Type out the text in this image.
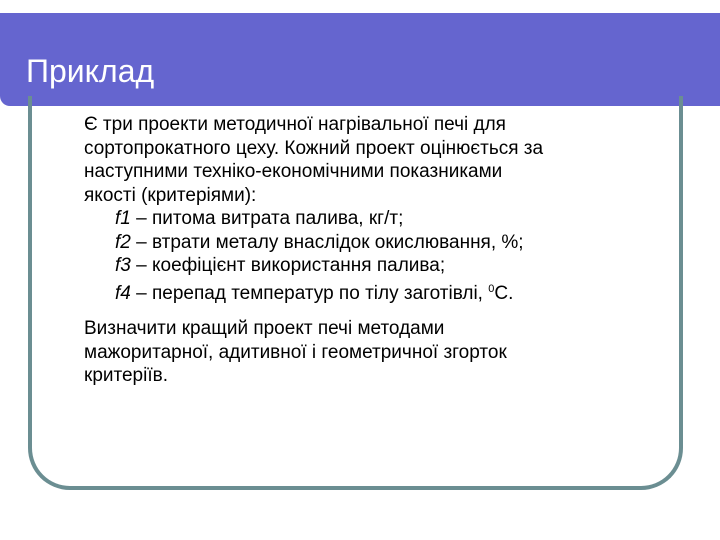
Приклад

Є три проекти методичної нагрівальної печі для
сортопрокатного цеху. Кожний проект оцінюється за
наступними техніко-економічними показниками
якості (критеріями):

f1 – питома витрата палива, кг/т;
f2 – втрати металу внаслідок окислювання, %;
f3 – коефіцієнт використання палива;
f4 – перепад температур по тілу заготівлі, $^0$С.

Визначити кращий проект печі методами
мажоритарної, адитивної і геометричної згорток
критеріїв.
